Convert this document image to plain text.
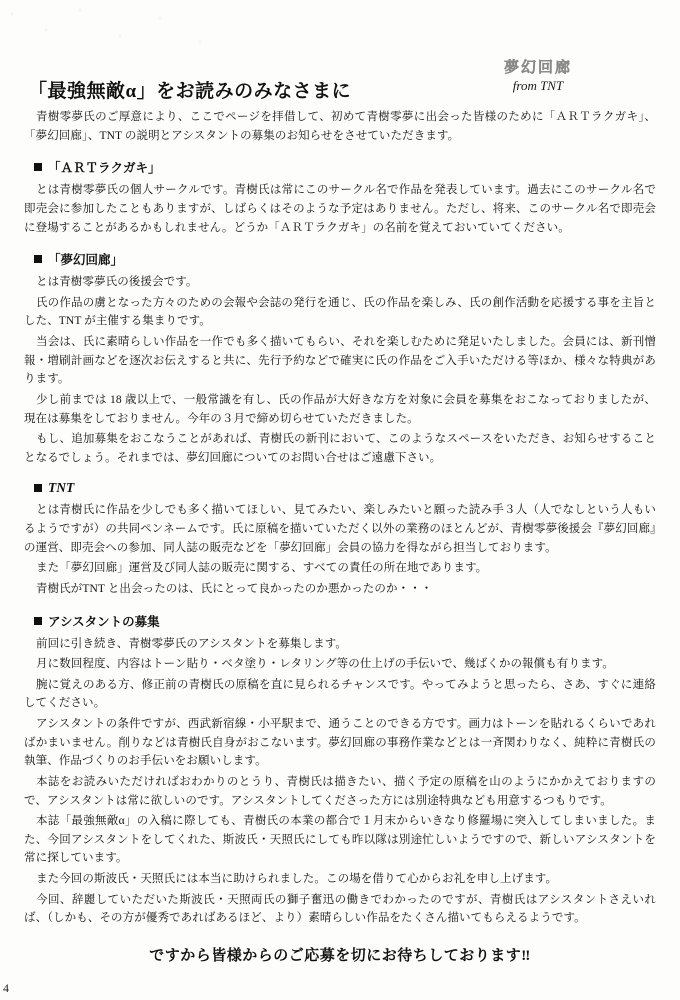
「最強無敵α」をお読みのみなさまに
夢幻回廊
from TNT

青樹零夢氏のご厚意により、ここでページを拝借して、初めて青樹零夢に出会った皆様のために「ＡＲＴラクガキ」、「夢幻回廊」、TNT の説明とアシスタントの募集のお知らせをさせていただきます。

「ＡＲＴラクガキ」

とは青樹零夢氏の個人サークルです。青樹氏は常にこのサークル名で作品を発表しています。過去にこのサークル名で即売会に参加したこともありますが、しばらくはそのような予定はありません。ただし、将来、このサークル名で即売会に登場することがあるかもしれません。どうか「ＡＲＴラクガキ」の名前を覚えておいていてください。

「夢幻回廊」

とは青樹零夢氏の後援会です。

氏の作品の虜となった方々のための会報や会誌の発行を通じ、氏の作品を楽しみ、氏の創作活動を応援する事を主旨とした、TNT が主催する集まりです。

当会は、氏に素晴らしい作品を一作でも多く描いてもらい、それを楽しむために発足いたしました。会員には、新刊憎報・増刷計画などを逐次お伝えすると共に、先行予約などで確実に氏の作品をご入手いただける等ほか、様々な特典があります。

少し前までは 18 歳以上で、一般常識を有し、氏の作品が大好きな方を対象に会員を募集をおこなっておりましたが、現在は募集をしておりません。今年の３月で締め切らせていただきました。

もし、追加募集をおこなうことがあれば、青樹氏の新刊において、このようなスペースをいただき、お知らせすることとなるでしょう。それまでは、夢幻回廊についてのお問い合せはご遠慮下さい。

TNT

とは青樹氏に作品を少しでも多く描いてほしい、見てみたい、楽しみたいと願った読み手３人（人でなしという人もいるようですが）の共同ペンネームです。氏に原稿を描いていただく以外の業務のほとんどが、青樹零夢後援会『夢幻回廊』の運営、即売会への参加、同人誌の販売などを「夢幻回廊」会員の協力を得ながら担当しております。

また「夢幻回廊」運営及び同人誌の販売に関する、すべての責任の所在地であります。

青樹氏がTNT と出会ったのは、氏にとって良かったのか悪かったのか・・・

アシスタントの募集

前回に引き続き、青樹零夢氏のアシスタントを募集します。

月に数回程度、内容はトーン貼り・ベタ塗り・レタリング等の仕上げの手伝いで、幾ばくかの報償も有ります。

腕に覚えのある方、修正前の青樹氏の原稿を直に見られるチャンスです。やってみようと思ったら、さあ、すぐに連絡してください。

アシスタントの条件ですが、西武新宿線・小平駅まで、通うことのできる方です。画力はトーンを貼れるくらいであればかまいません。削りなどは青樹氏自身がおこないます。夢幻回廊の事務作業などとは一斉関わりなく、純粋に青樹氏の執筆、作品づくりのお手伝いをお願いします。

本誌をお読みいただければおわかりのとうり、青樹氏は描きたい、描く予定の原稿を山のようにかかえておりますので、アシスタントは常に欲しいのです。アシスタントしてくださった方には別途特典なども用意するつもりです。

本誌「最強無敵α」の入稿に際しても、青樹氏の本業の都合で１月末からいきなり修羅場に突入してしまいました。また、今回アシスタントをしてくれた、斯波氏・天照氏にしても昨以隊は別途忙しいようですので、新しいアシスタントを常に探しています。

また今回の斯波氏・天照氏には本当に助けられました。この場を借りて心からお礼を申し上げます。

今回、辞麗していただいた斯波氏・天照両氏の獅子奮迅の働きでわかったのですが、青樹氏はアシスタントさえいれば、（しかも、その方が優秀であればあるほど、より）素晴らしい作品をたくさん描いてもらえるようです。

ですから皆様からのご応募を切にお待ちしております‼
4
